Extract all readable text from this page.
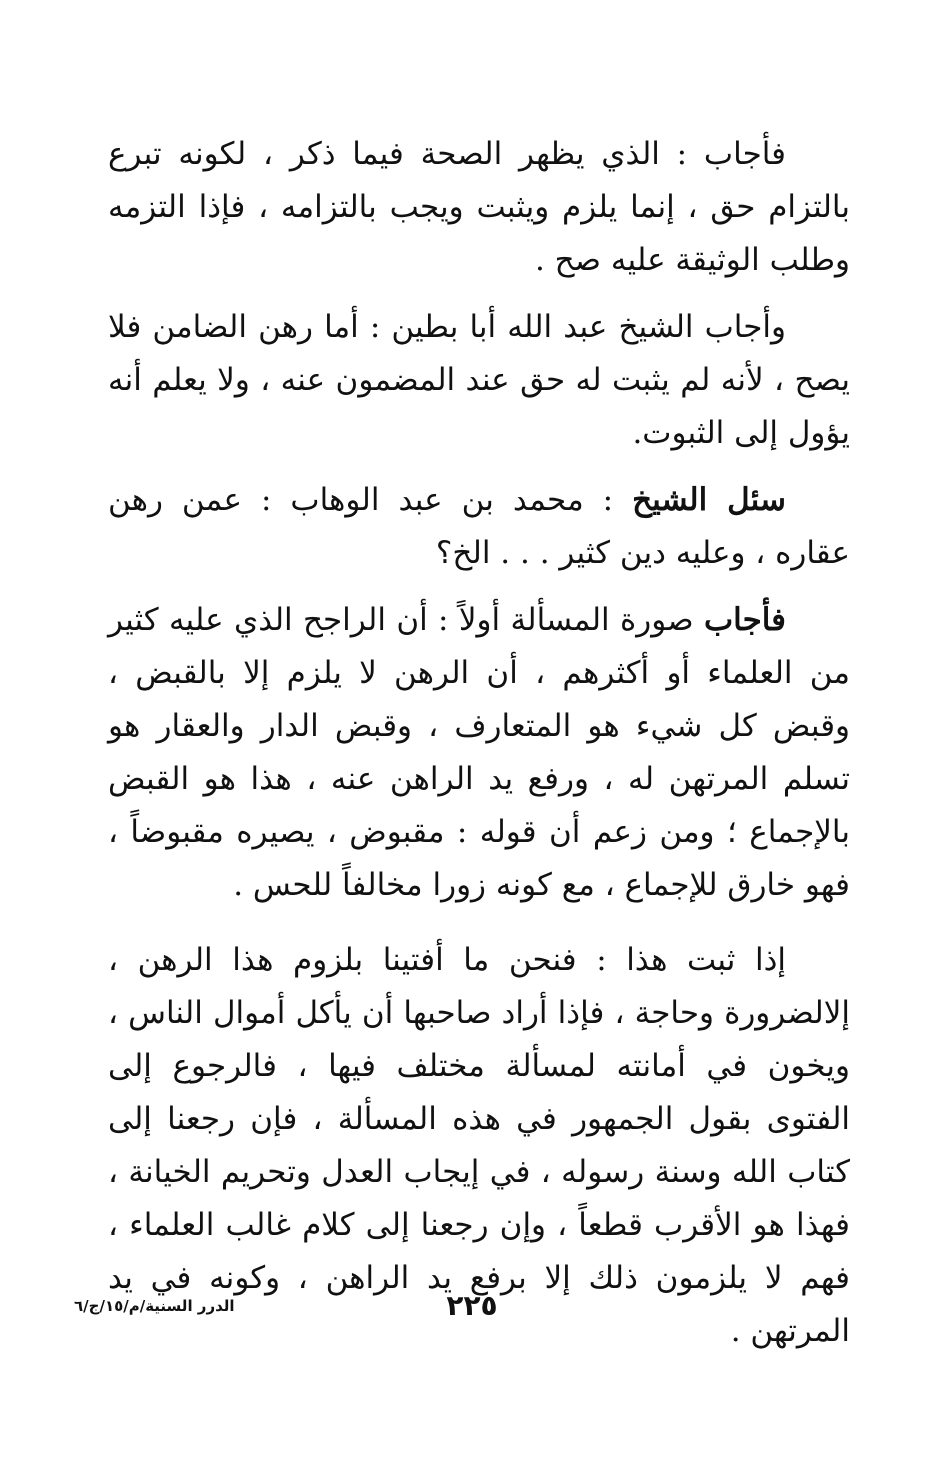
فأجاب : الذي يظهر الصحة فيما ذكر ، لكونه تبرع بالتزام حق ، إنما يلزم ويثبت ويجب بالتزامه ، فإذا التزمه وطلب الوثيقة عليه صح .

وأجاب الشيخ عبد الله أبا بطين : أما رهن الضامن فلا يصح ، لأنه لم يثبت له حق عند المضمون عنه ، ولا يعلم أنه يؤول إلى الثبوت.

سئل الشيخ : محمد بن عبد الوهاب : عمن رهن عقاره ، وعليه دين كثير . . . الخ؟

فأجاب صورة المسألة أولاً : أن الراجح الذي عليه كثير من العلماء أو أكثرهم ، أن الرهن لا يلزم إلا بالقبض ، وقبض كل شيء هو المتعارف ، وقبض الدار والعقار هو تسلم المرتهن له ، ورفع يد الراهن عنه ، هذا هو القبض بالإجماع ؛ ومن زعم أن قوله : مقبوض ، يصيره مقبوضاً ، فهو خارق للإجماع ، مع كونه زورا مخالفاً للحس .

إذا ثبت هذا : فنحن ما أفتينا بلزوم هذا الرهن ، إلالضرورة وحاجة ، فإذا أراد صاحبها أن يأكل أموال الناس ، ويخون في أمانته لمسألة مختلف فيها ، فالرجوع إلى الفتوى بقول الجمهور في هذه المسألة ، فإن رجعنا إلى كتاب الله وسنة رسوله ، في إيجاب العدل وتحريم الخيانة ، فهذا هو الأقرب قطعاً ، وإن رجعنا إلى كلام غالب العلماء ، فهم لا يلزمون ذلك إلا برفع يد الراهن ، وكونه في يد المرتهن .

٢٢٥
الدرر السنية/م/١٥/ج/٦
